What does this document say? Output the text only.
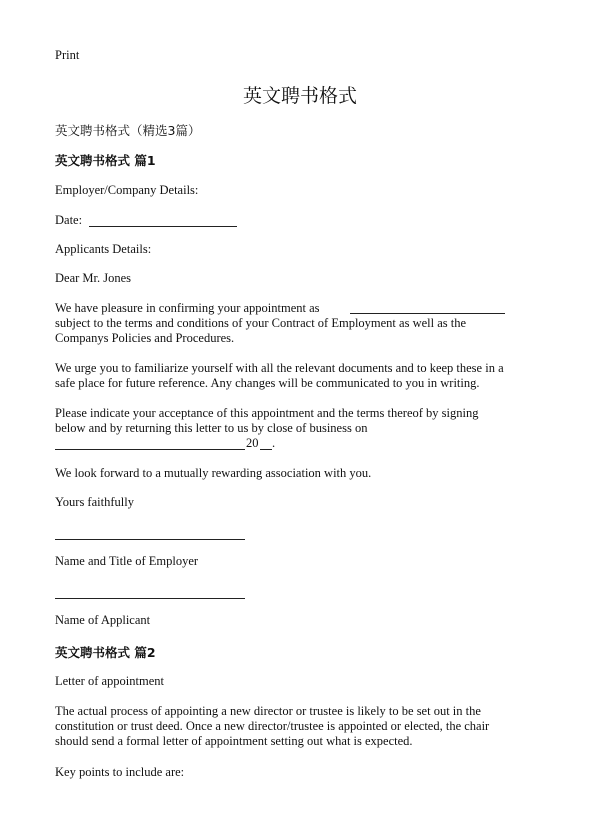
Print
英文聘书格式
英文聘书格式（精选3篇）
英文聘书格式 篇1
Employer/Company Details:
Date:
Applicants Details:
Dear Mr. Jones
We have pleasure in confirming your appointment as
subject to the terms and conditions of your Contract of Employment as well as the
Companys Policies and Procedures.
We urge you to familiarize yourself with all the relevant documents and to keep these in a
safe place for future reference. Any changes will be communicated to you in writing.
Please indicate your acceptance of this appointment and the terms thereof by signing
below and by returning this letter to us by close of business on
20 .
We look forward to a mutually rewarding association with you.
Yours faithfully
Name and Title of Employer
Name of Applicant
英文聘书格式 篇2
Letter of appointment
The actual process of appointing a new director or trustee is likely to be set out in the
constitution or trust deed. Once a new director/trustee is appointed or elected, the chair
should send a formal letter of appointment setting out what is expected.
Key points to include are:
